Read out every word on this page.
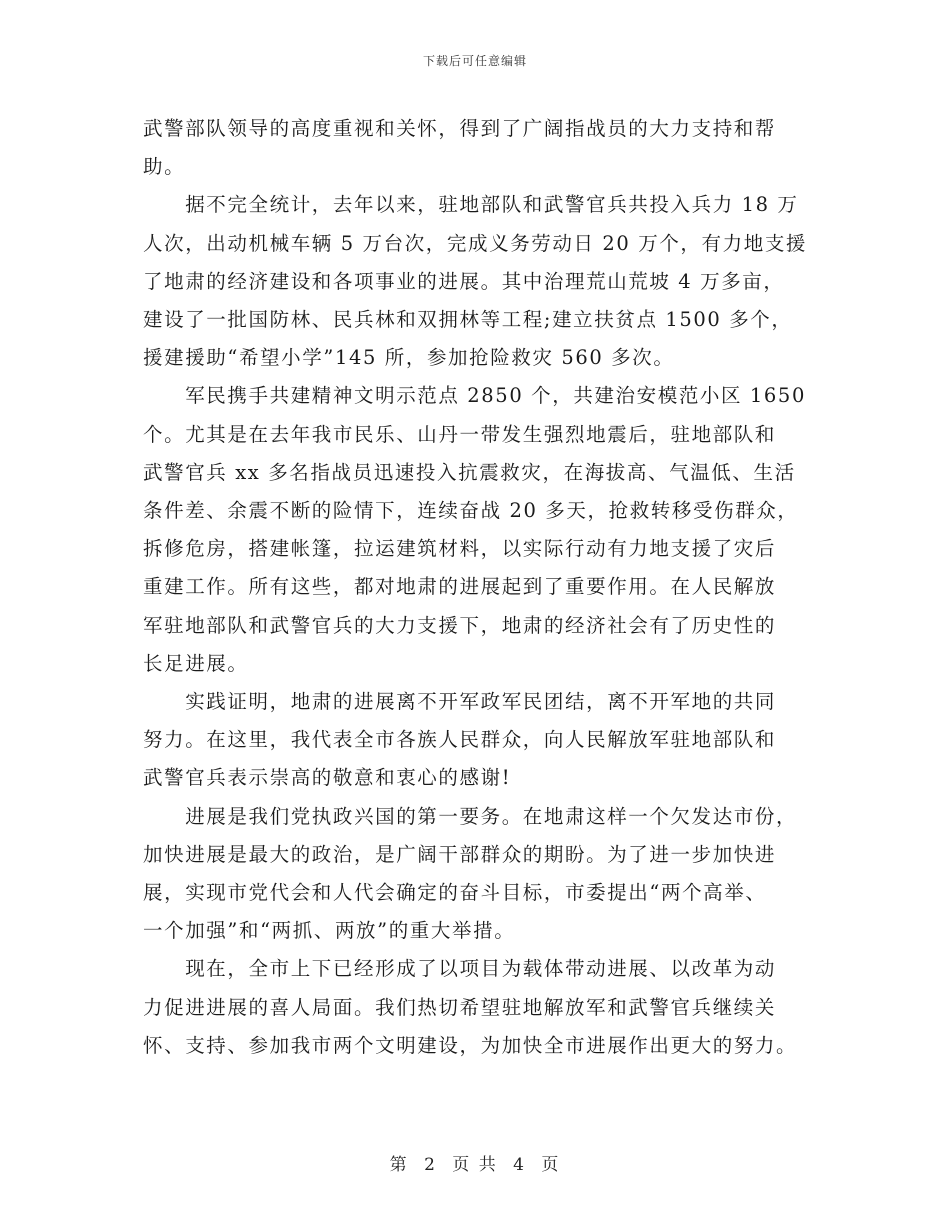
下载后可任意编辑

武警部队领导的高度重视和关怀，得到了广阔指战员的大力支持和帮
助。

　　据不完全统计，去年以来，驻地部队和武警官兵共投入兵力 18 万
人次，出动机械车辆 5 万台次，完成义务劳动日 20 万个，有力地支援
了地肃的经济建设和各项事业的进展。其中治理荒山荒坡 4 万多亩，
建设了一批国防林、民兵林和双拥林等工程;建立扶贫点 1500 多个，
援建援助“希望小学”145 所，参加抢险救灾 560 多次。

　　军民携手共建精神文明示范点 2850 个，共建治安模范小区 1650
个。尤其是在去年我市民乐、山丹一带发生强烈地震后，驻地部队和
武警官兵 xx 多名指战员迅速投入抗震救灾，在海拔高、气温低、生活
条件差、余震不断的险情下，连续奋战 20 多天，抢救转移受伤群众，
拆修危房，搭建帐篷，拉运建筑材料，以实际行动有力地支援了灾后
重建工作。所有这些，都对地肃的进展起到了重要作用。在人民解放
军驻地部队和武警官兵的大力支援下，地肃的经济社会有了历史性的
长足进展。

　　实践证明，地肃的进展离不开军政军民团结，离不开军地的共同
努力。在这里，我代表全市各族人民群众，向人民解放军驻地部队和
武警官兵表示崇高的敬意和衷心的感谢!

　　进展是我们党执政兴国的第一要务。在地肃这样一个欠发达市份，
加快进展是最大的政治，是广阔干部群众的期盼。为了进一步加快进
展，实现市党代会和人代会确定的奋斗目标，市委提出“两个高举、
一个加强”和“两抓、两放”的重大举措。

　　现在，全市上下已经形成了以项目为载体带动进展、以改革为动
力促进进展的喜人局面。我们热切希望驻地解放军和武警官兵继续关
怀、支持、参加我市两个文明建设，为加快全市进展作出更大的努力。

第 2 页 共 4 页
